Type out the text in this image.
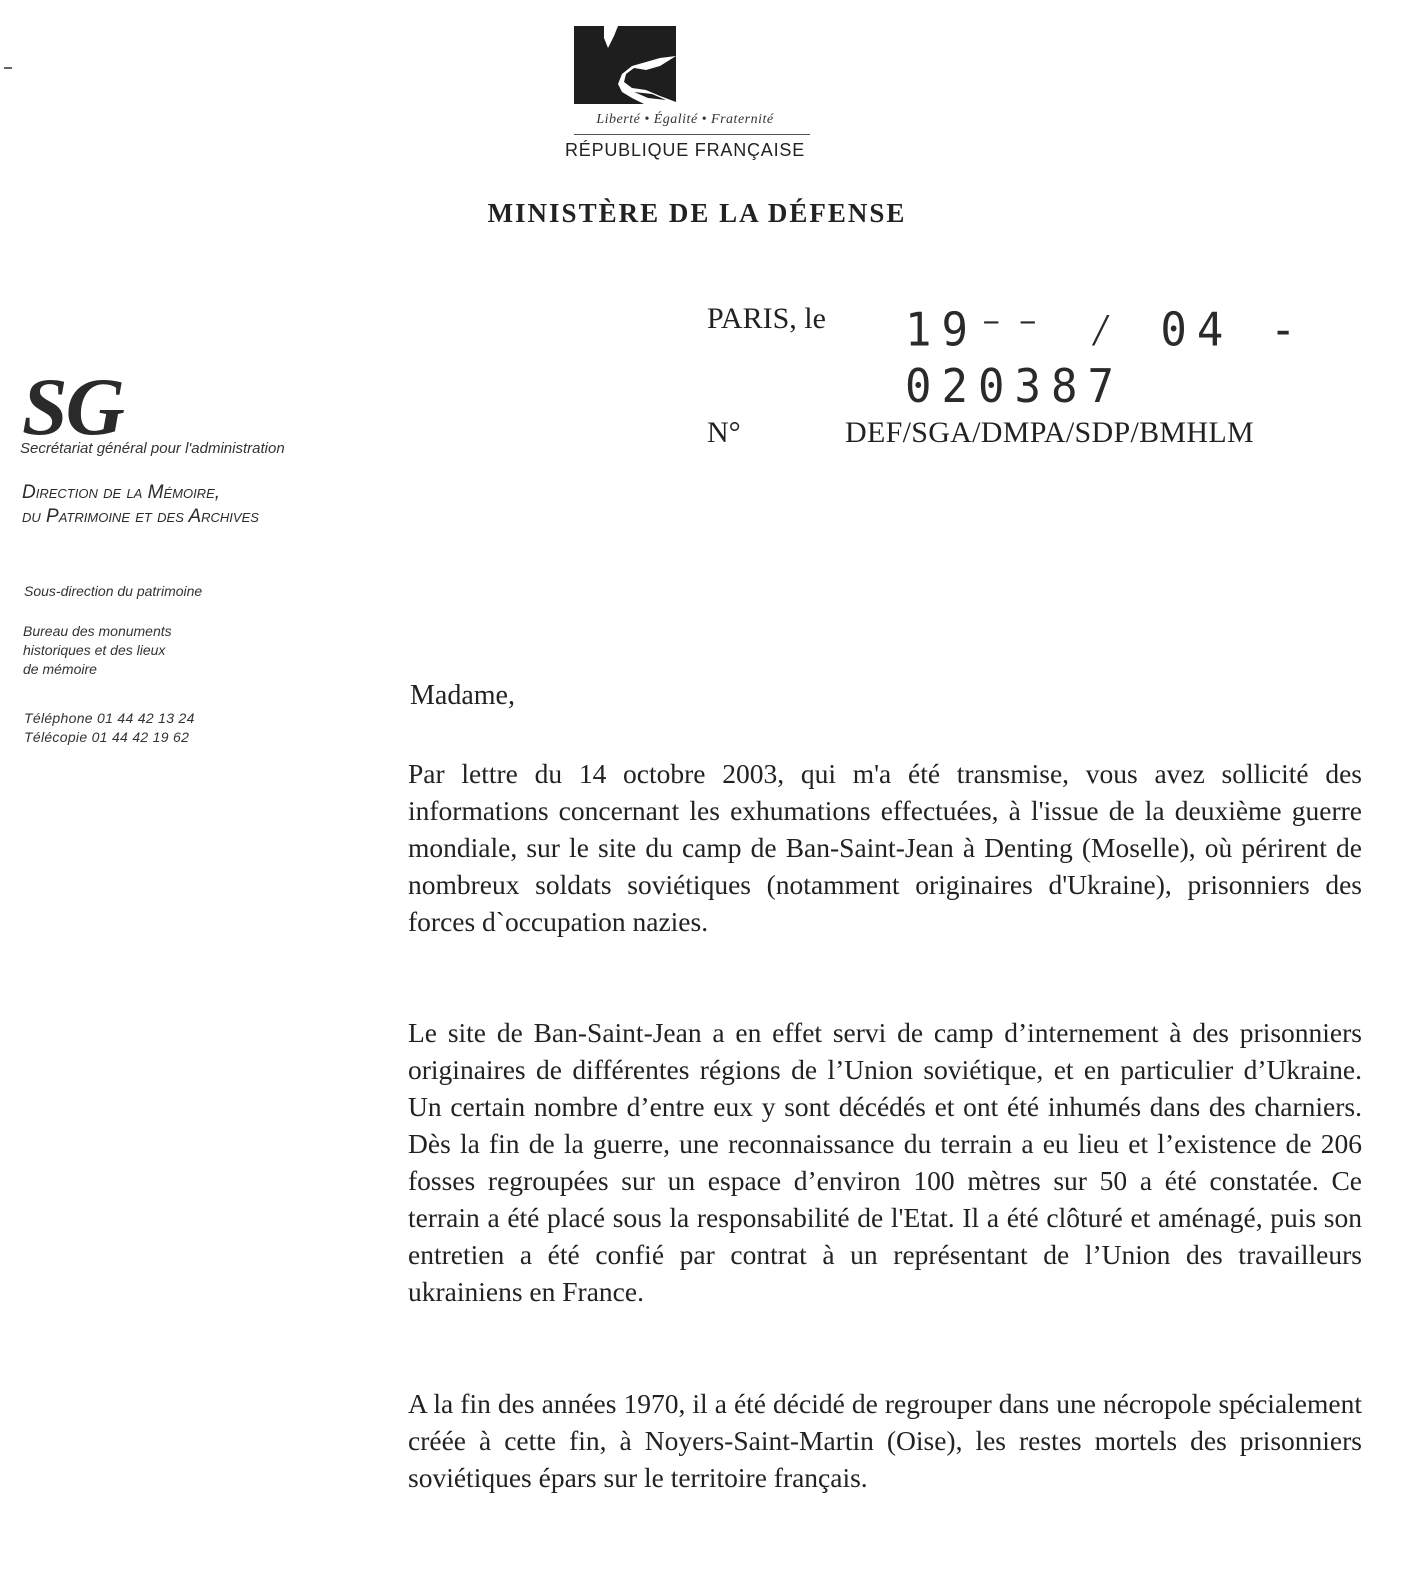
Liberté • Égalité • Fraternité
RÉPUBLIQUE FRANÇAISE
MINISTÈRE DE LA DÉFENSE
PARIS, le 19⁻⁻ ⁄ 04 - 020387
N°	DEF/SGA/DMPA/SDP/BMHLM
SG
Secrétariat général pour l'administration
Direction de la Mémoire,
du Patrimoine et des Archives
Sous-direction du patrimoine
Bureau des monuments
historiques et des lieux
de mémoire
Téléphone 01 44 42 13 24
Télécopie 01 44 42 19 62
Madame,
Par lettre du 14 octobre 2003, qui m'a été transmise, vous avez sollicité des informations concernant les exhumations effectuées, à l'issue de la deuxième guerre mondiale, sur le site du camp de Ban-Saint-Jean à Denting (Moselle), où périrent de nombreux soldats soviétiques (notamment originaires d'Ukraine), prisonniers des forces d`occupation nazies.
Le site de Ban-Saint-Jean a en effet servi de camp d’internement à des prisonniers originaires de différentes régions de l’Union soviétique, et en particulier d’Ukraine. Un certain nombre d’entre eux y sont décédés et ont été inhumés dans des charniers. Dès la fin de la guerre, une reconnaissance du terrain a eu lieu et l’existence de 206 fosses regroupées sur un espace d’environ 100 mètres sur 50 a été constatée. Ce terrain a été placé sous la responsabilité de l'Etat. Il a été clôturé et aménagé, puis son entretien a été confié par contrat à un représentant de l’Union des travailleurs ukrainiens en France.
A la fin des années 1970, il a été décidé de regrouper dans une nécropole spécialement créée à cette fin, à Noyers-Saint-Martin (Oise), les restes mortels des prisonniers soviétiques épars sur le territoire français.
